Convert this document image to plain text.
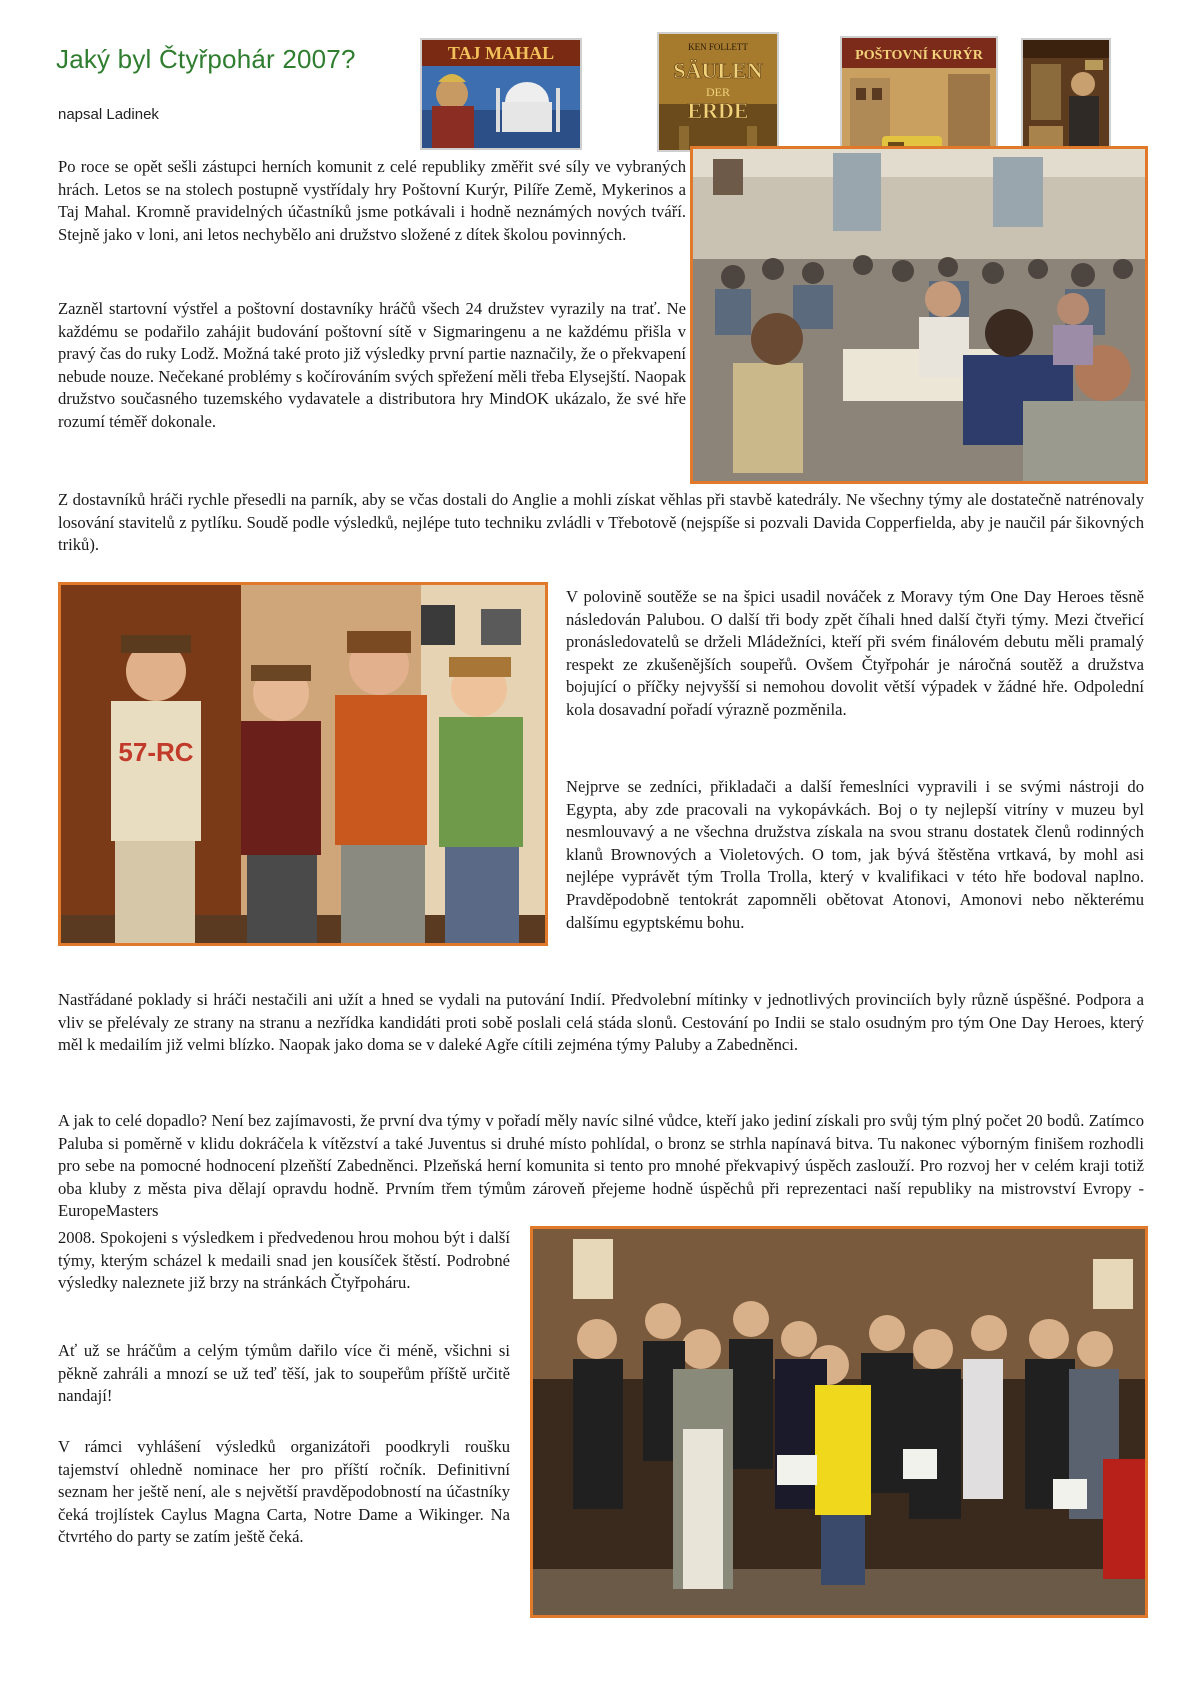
Jaký byl Čtyřpohár 2007?
napsal Ladinek
TAJ MAHAL	KEN FOLLETT
SÄULEN
DER
ERDE
POŠTOVNÍ KURÝR
57-RC

Po roce se opět sešli zástupci herních komunit z celé republiky změřit své síly ve vybraných hrách. Letos se na stolech postupně vystřídaly hry Poštovní Kurýr, Pilíře Země, Mykerinos a Taj Mahal. Kromně pravidelných účastníků jsme potkávali i hodně neznámých nových tváří. Stejně jako v loni, ani letos nechybělo ani družstvo složené z dítek školou povinných.

Zazněl startovní výstřel a poštovní dostavníky hráčů všech 24 družstev vyrazily na trať. Ne každému se podařilo zahájit budování poštovní sítě v Sigmaringenu a ne každému přišla v pravý čas do ruky Lodž. Možná také proto již výsledky první partie naznačily, že o překvapení nebude nouze. Nečekané problémy s kočírováním svých spřežení měli třeba Elysejští. Naopak družstvo současného tuzemského vydavatele a distributora hry MindOK ukázalo, že své hře rozumí téměř dokonale.

Z dostavníků hráči rychle přesedli na parník, aby se včas dostali do Anglie a mohli získat věhlas při stavbě katedrály. Ne všechny týmy ale dostatečně natrénovaly losování stavitelů z pytlíku. Soudě podle výsledků, nejlépe tuto techniku zvládli v Třebotově (nejspíše si pozvali Davida Copperfielda, aby je naučil pár šikovných triků).

V polovině soutěže se na špici usadil nováček z Moravy tým One Day Heroes těsně následován Palubou. O další tři body zpět číhali hned další čtyři týmy. Mezi čtveřicí pronásledovatelů se drželi Mládežníci, kteří při svém finálovém debutu měli pramalý respekt ze zkušenějších soupeřů. Ovšem Čtyřpohár je náročná soutěž a družstva bojující o příčky nejvyšší si nemohou dovolit větší výpadek v žádné hře. Odpolední kola dosavadní pořadí výrazně pozměnila.

Nejprve se zedníci, přikladači a další řemeslníci vypravili i se svými nástroji do Egypta, aby zde pracovali na vykopávkách. Boj o ty nejlepší vitríny v muzeu byl nesmlouvavý a ne všechna družstva získala na svou stranu dostatek členů rodinných klanů Brownových a Violetových. O tom, jak bývá štěstěna vrtkavá, by mohl asi nejlépe vyprávět tým Trolla Trolla, který v kvalifikaci v této hře bodoval naplno. Pravděpodobně tentokrát zapomněli obětovat Atonovi, Amonovi nebo některému dalšímu egyptskému bohu.

Nastřádané poklady si hráči nestačili ani užít a hned se vydali na putování Indií. Předvolební mítinky v jednotlivých provinciích byly různě úspěšné. Podpora a vliv se přelévaly ze strany na stranu a nezřídka kandidáti proti sobě poslali celá stáda slonů. Cestování po Indii se stalo osudným pro tým One Day Heroes, který měl k medailím již velmi blízko. Naopak jako doma se v daleké Agře cítili zejména týmy Paluby a Zabedněnci.

A jak to celé dopadlo? Není bez zajímavosti, že první dva týmy v pořadí měly navíc silné vůdce, kteří jako jediní získali pro svůj tým plný počet 20 bodů. Zatímco Paluba si poměrně v klidu dokráčela k vítězství a také Juventus si druhé místo pohlídal, o bronz se strhla napínavá bitva. Tu nakonec výborným finišem rozhodli pro sebe na pomocné hodnocení plzeňští Zabedněnci. Plzeňská herní komunita si tento pro mnohé překvapivý úspěch zaslouží. Pro rozvoj her v celém kraji totiž oba kluby z města piva dělají opravdu hodně. Prvním třem týmům zároveň přejeme hodně úspěchů při reprezentaci naší republiky na mistrovství Evropy - EuropeMasters

2008. Spokojeni s výsledkem i předvedenou hrou mohou být i další týmy, kterým scházel k medaili snad jen kousíček štěstí. Podrobné výsledky naleznete již brzy na stránkách Čtyřpoháru.

Ať už se hráčům a celým týmům dařilo více či méně, všichni si pěkně zahráli a mnozí se už teď těší, jak to soupeřům příště určitě nandají!

V rámci vyhlášení výsledků organizátoři poodkryli roušku tajemství ohledně nominace her pro příští ročník. Definitivní seznam her ještě není, ale s největší pravděpodobností na účastníky čeká trojlístek Caylus Magna Carta, Notre Dame a Wikinger. Na čtvrtého do party se zatím ještě čeká.
